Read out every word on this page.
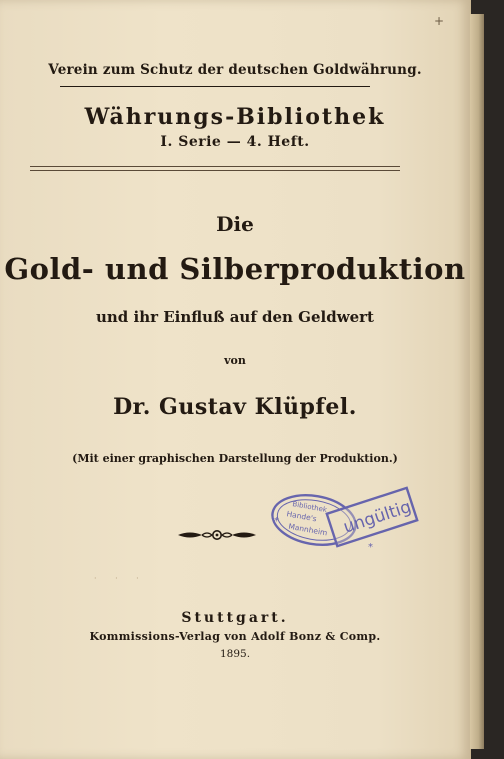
Verein zum Schutz der deutschen Goldwährung.
Währungs-Bibliothek
I. Serie — 4. Heft.
Die
Gold- und Silberproduktion
und ihr Einfluß auf den Geldwert
von
Dr. Gustav Klüpfel.
(Mit einer graphischen Darstellung der Produktion.)
Bibliothek
Hande's
Mannheim ungültig
*
*
· · ·
Stuttgart.
Kommissions-Verlag von Adolf Bonz & Comp.
1895.
+
